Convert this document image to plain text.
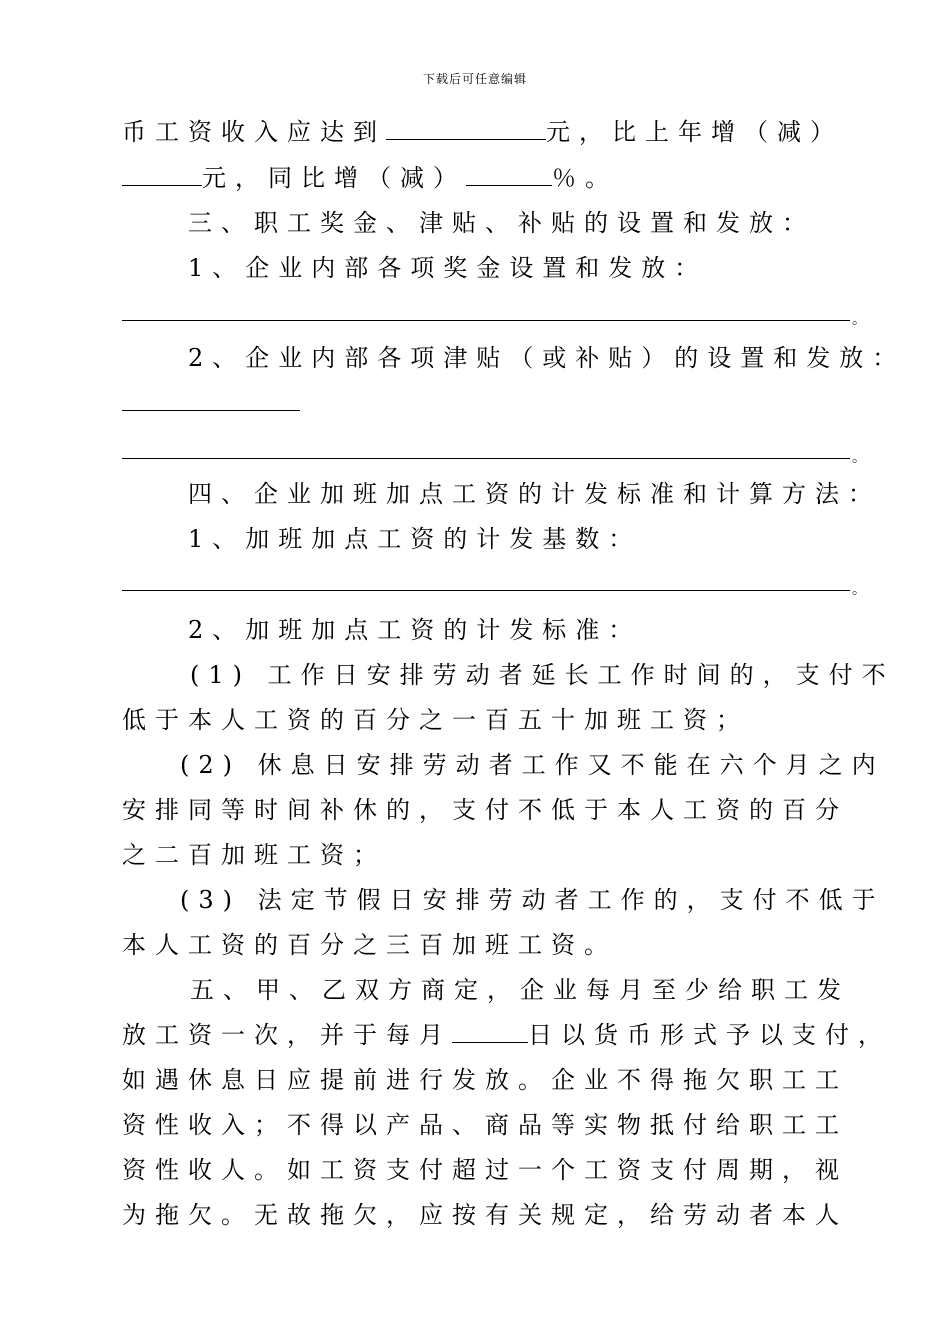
下载后可任意编辑
币工资收入应达到	元，比上年增（减）
元，同比增（减）	％。
三、职工奖金、津贴、补贴的设置和发放：
1、企业内部各项奖金设置和发放：
。
2、企业内部各项津贴（或补贴）的设置和发放：
。
四、企业加班加点工资的计发标准和计算方法：
1、加班加点工资的计发基数：
。
2、加班加点工资的计发标准：
(1) 工作日安排劳动者延长工作时间的，支付不
低于本人工资的百分之一百五十加班工资；
(2) 休息日安排劳动者工作又不能在六个月之内
安排同等时间补休的，支付不低于本人工资的百分
之二百加班工资；
(3) 法定节假日安排劳动者工作的，支付不低于
本人工资的百分之三百加班工资。
五、甲、乙双方商定，企业每月至少给职工发
放工资一次，并于每月	日以货币形式予以支付，
如遇休息日应提前进行发放。企业不得拖欠职工工
资性收入；不得以产品、商品等实物抵付给职工工
资性收人。如工资支付超过一个工资支付周期，视
为拖欠。无故拖欠，应按有关规定，给劳动者本人
